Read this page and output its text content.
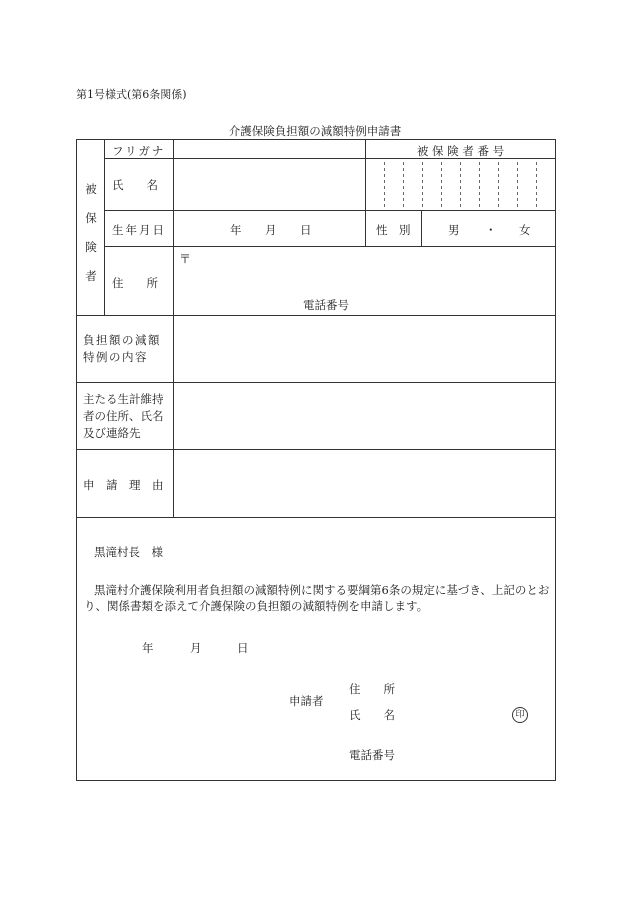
第1号様式(第6条関係)
介護保険負担額の減額特例申請書
被保険者
フリガナ	被 保 険 者 番 号
氏　　名
生年月日	年 月 日	性　別	男 ・ 女
住　　所
〒
電話番号
負担額の減額特例の内容
主たる生計維持者の住所、氏名及び連絡先
申　請　理　由
黒滝村長　様
黒滝村介護保険利用者負担額の減額特例に関する要綱第6条の規定に基づき、上記のとおり、関係書類を添えて介護保険の負担額の減額特例を申請します。
年	月	日
申請者
住　　所
氏　　名	印
電話番号
